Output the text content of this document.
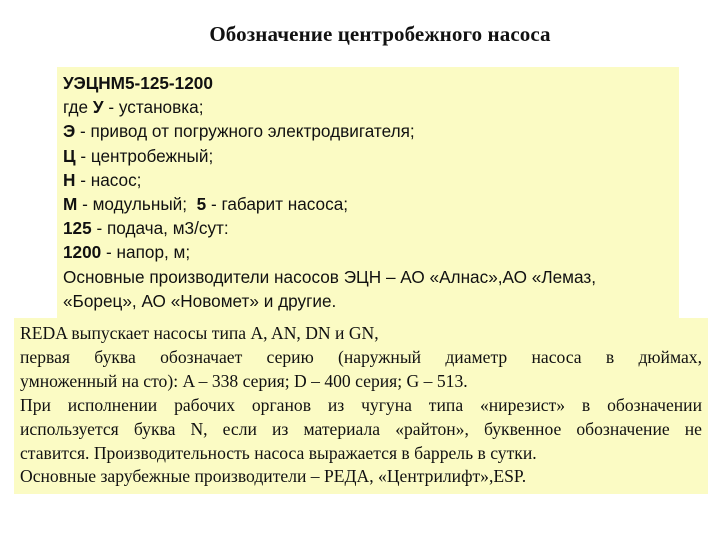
Обозначение центробежного насоса
УЭЦНМ5-125-1200
где У - установка;
Э - привод от погружного электродвигателя;
Ц - центробежный;
Н - насос;
М - модульный;  5 - габарит насоса;
125 - подача, м3/сут:
1200 - напор, м;
Основные производители насосов ЭЦН – АО «Алнас»,АО «Лемаз, «Борец», АО «Новомет» и другие.
REDA выпускает насосы типа A, AN, DN и GN,
первая буква обозначает серию (наружный диаметр насоса в дюймах,
умноженный на сто): A – 338 серия; D – 400 серия; G – 513.
При исполнении рабочих органов из чугуна типа «нирезист» в обозначении
используется буква N, если из материала «райтон», буквенное обозначение не
ставится. Производительность насоса выражается в баррель в сутки.
Основные зарубежные производители – РЕДА, «Центрилифт»,ESP.
